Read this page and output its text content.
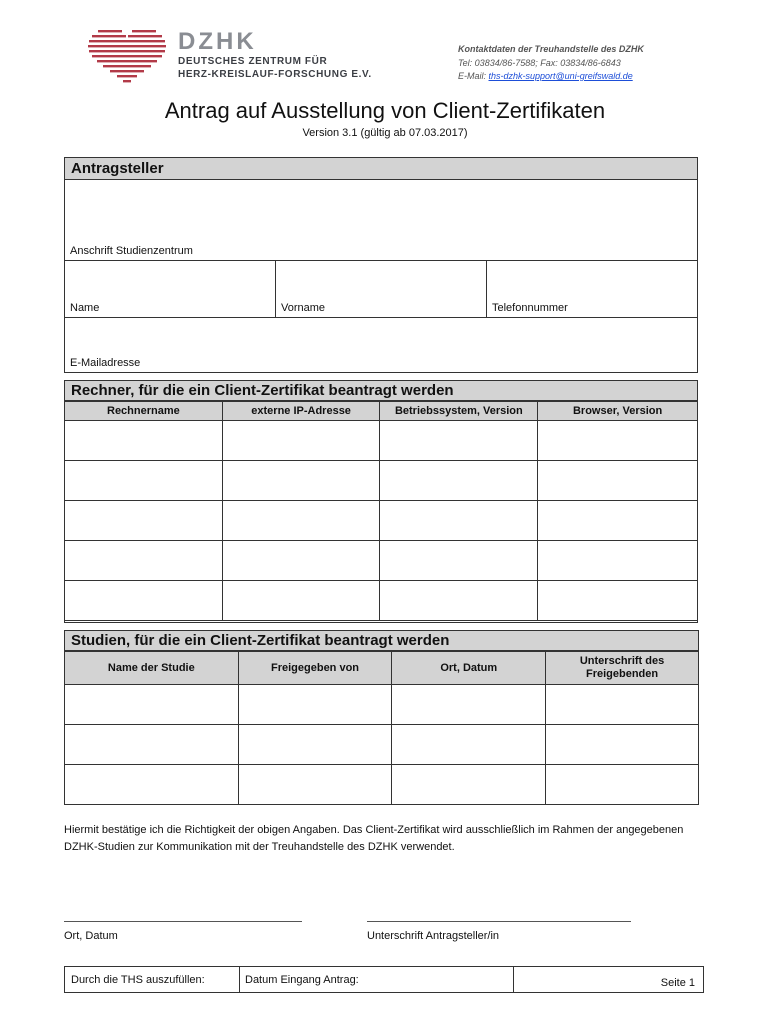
DZHK
DEUTSCHES ZENTRUM FÜR
HERZ-KREISLAUF-FORSCHUNG E.V.
Kontaktdaten der Treuhandstelle des DZHK
Tel: 03834/86-7588; Fax: 03834/86-6843
E-Mail: ths-dzhk-support@uni-greifswald.de
Antrag auf Ausstellung von Client-Zertifikaten
Version 3.1 (gültig ab 07.03.2017)
Antragsteller
Anschrift Studienzentrum
Name	Vorname	Telefonnummer
E-Mailadresse
Rechner, für die ein Client-Zertifikat beantragt werden
Rechnername	externe IP-Adresse	Betriebssystem, Version	Browser, Version

Studien, für die ein Client-Zertifikat beantragt werden
Name der Studie	Freigegeben von	Ort, Datum	Unterschrift des Freigebenden

Hiermit bestätige ich die Richtigkeit der obigen Angaben. Das Client-Zertifikat wird ausschließlich im Rahmen der angegebenen DZHK-Studien zur Kommunikation mit der Treuhandstelle des DZHK verwendet.
Ort, Datum	Unterschrift Antragsteller/in
Durch die THS auszufüllen:	Datum Eingang Antrag:	Seite 1
